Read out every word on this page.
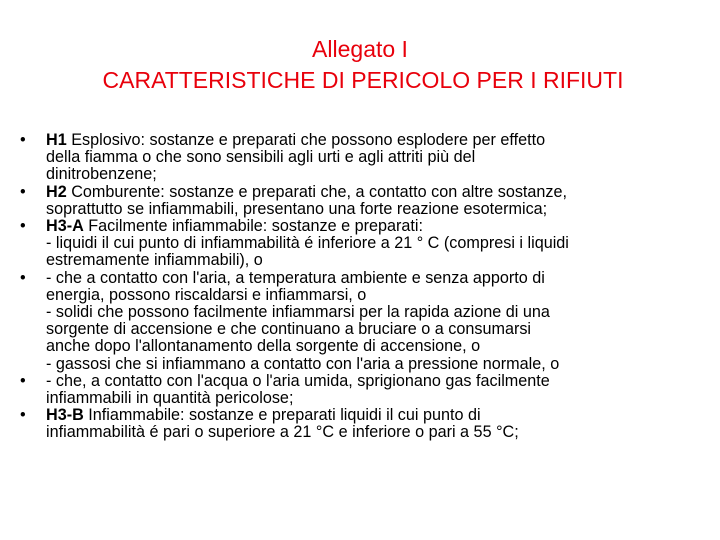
Allegato I
CARATTERISTICHE DI PERICOLO PER I RIFIUTI
• H1 Esplosivo: sostanze e preparati che possono esplodere per effetto
della fiamma o che sono sensibili agli urti e agli attriti più del
dinitrobenzene;
• H2 Comburente: sostanze e preparati che, a contatto con altre sostanze,
soprattutto se infiammabili, presentano una forte reazione esotermica;
• H3-A Facilmente infiammabile: sostanze e preparati:
- liquidi il cui punto di infiammabilità é inferiore a 21 ° C (compresi i liquidi
estremamente infiammabili), o
• - che a contatto con l'aria, a temperatura ambiente e senza apporto di
energia, possono riscaldarsi e infiammarsi, o
- solidi che possono facilmente infiammarsi per la rapida azione di una
sorgente di accensione e che continuano a bruciare o a consumarsi
anche dopo l'allontanamento della sorgente di accensione, o
- gassosi che si infiammano a contatto con l'aria a pressione normale, o
• - che, a contatto con l'acqua o l'aria umida, sprigionano gas facilmente
infiammabili in quantità pericolose;
• H3-B Infiammabile: sostanze e preparati liquidi il cui punto di
infiammabilità é pari o superiore a 21 °C e inferiore o pari a 55 °C;
